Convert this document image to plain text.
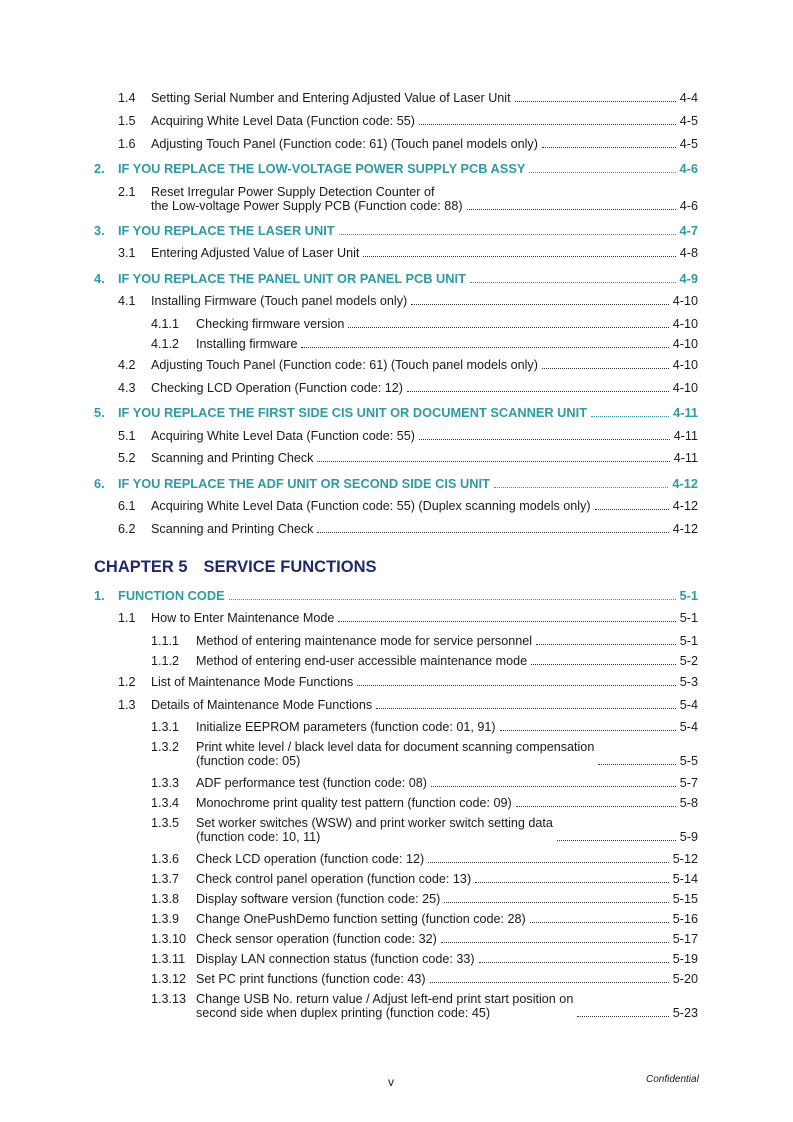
1.4	Setting Serial Number and Entering Adjusted Value of Laser Unit	4-4
1.5	Acquiring White Level Data (Function code: 55)	4-5
1.6	Adjusting Touch Panel (Function code: 61) (Touch panel models only)	4-5
2.	IF YOU REPLACE THE LOW-VOLTAGE POWER SUPPLY PCB ASSY	4-6
2.1	Reset Irregular Power Supply Detection Counter of
the Low-voltage Power Supply PCB (Function code: 88)	4-6
3.	IF YOU REPLACE THE LASER UNIT	4-7
3.1	Entering Adjusted Value of Laser Unit	4-8
4.	IF YOU REPLACE THE PANEL UNIT OR PANEL PCB UNIT	4-9
4.1	Installing Firmware (Touch panel models only)	4-10
4.1.1	Checking firmware version	4-10
4.1.2	Installing firmware	4-10
4.2	Adjusting Touch Panel (Function code: 61) (Touch panel models only)	4-10
4.3	Checking LCD Operation (Function code: 12)	4-10
5.	IF YOU REPLACE THE FIRST SIDE CIS UNIT OR DOCUMENT SCANNER UNIT	4-11
5.1	Acquiring White Level Data (Function code: 55)	4-11
5.2	Scanning and Printing Check	4-11
6.	IF YOU REPLACE THE ADF UNIT OR SECOND SIDE CIS UNIT	4-12
6.1	Acquiring White Level Data (Function code: 55) (Duplex scanning models only)	4-12
6.2	Scanning and Printing Check	4-12
CHAPTER 5 SERVICE FUNCTIONS
1.	FUNCTION CODE	5-1
1.1	How to Enter Maintenance Mode	5-1
1.1.1	Method of entering maintenance mode for service personnel	5-1
1.1.2	Method of entering end-user accessible maintenance mode	5-2
1.2	List of Maintenance Mode Functions	5-3
1.3	Details of Maintenance Mode Functions	5-4
1.3.1	Initialize EEPROM parameters (function code: 01, 91)	5-4
1.3.2	Print white level / black level data for document scanning compensation
(function code: 05)	5-5
1.3.3	ADF performance test (function code: 08)	5-7
1.3.4	Monochrome print quality test pattern (function code: 09)	5-8
1.3.5	Set worker switches (WSW) and print worker switch setting data
(function code: 10, 11)	5-9
1.3.6	Check LCD operation (function code: 12)	5-12
1.3.7	Check control panel operation (function code: 13)	5-14
1.3.8	Display software version (function code: 25)	5-15
1.3.9	Change OnePushDemo function setting (function code: 28)	5-16
1.3.10 Check sensor operation (function code: 32)	5-17
1.3.11 Display LAN connection status (function code: 33)	5-19
1.3.12 Set PC print functions (function code: 43)	5-20
1.3.13 Change USB No. return value / Adjust left-end print start position on
second side when duplex printing (function code: 45)	5-23
v	Confidential
